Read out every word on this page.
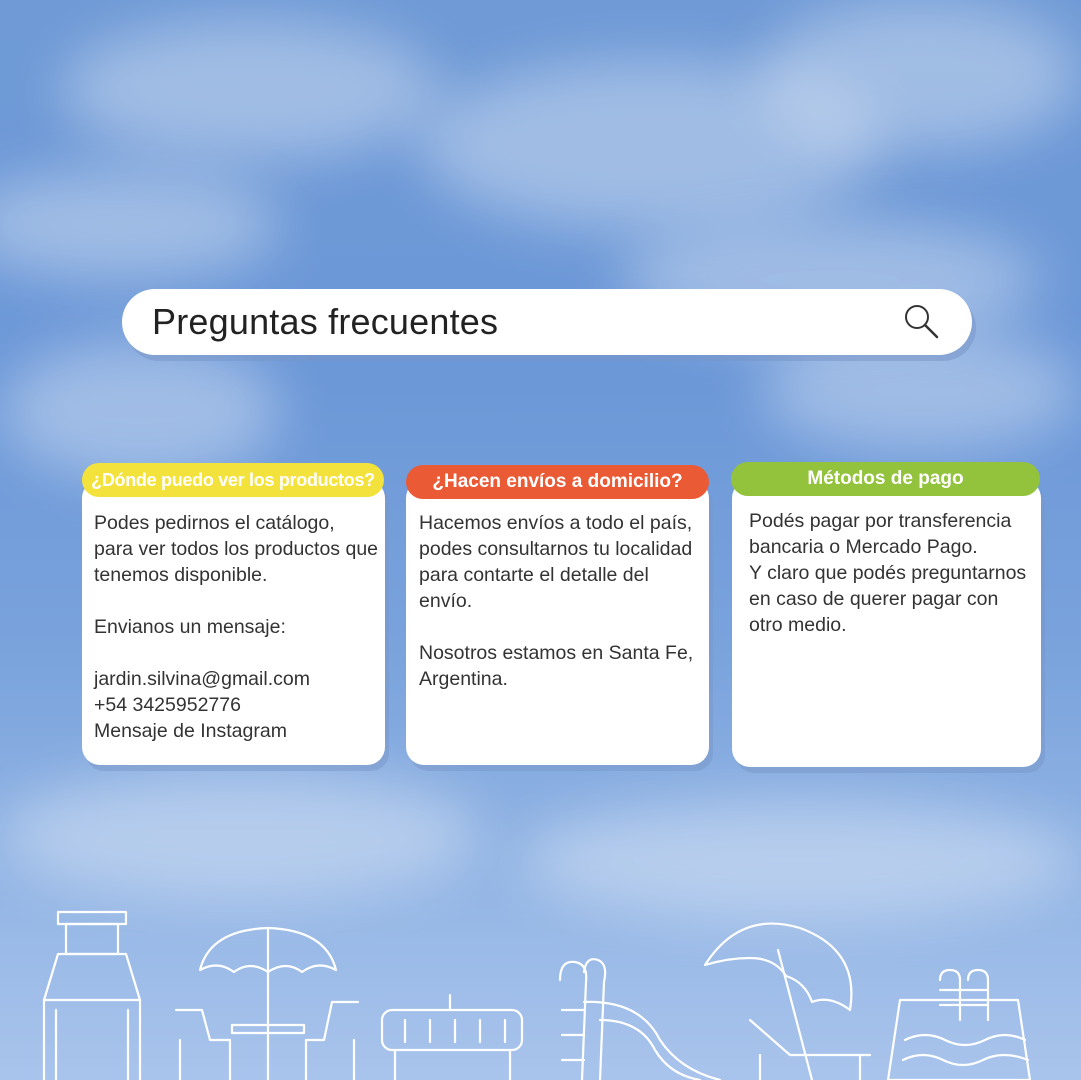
Preguntas frecuentes
¿Dónde puedo ver los productos?
Podes pedirnos el catálogo, para ver todos los productos que tenemos disponible.

Envianos un mensaje:

jardin.silvina@gmail.com
+54 3425952776
Mensaje de Instagram
¿Hacen envíos a domicilio?
Hacemos envíos a todo el país, podes consultarnos tu localidad para contarte el detalle del envío.

Nosotros estamos en Santa Fe, Argentina.
Métodos de pago
Podés pagar por transferencia bancaria o Mercado Pago.
Y claro que podés preguntarnos en caso de querer pagar con otro medio.
